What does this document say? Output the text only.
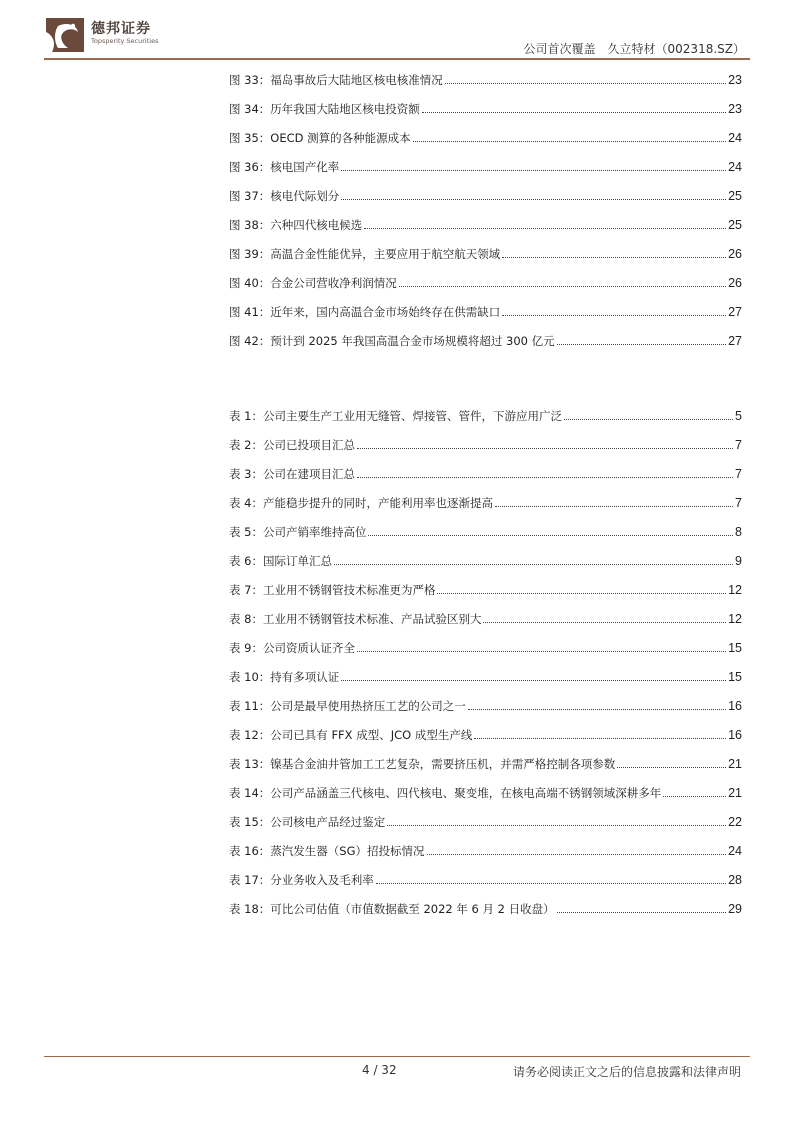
德邦证券
Topsperity Securities
公司首次覆盖　久立特材（002318.SZ）
图 33：福岛事故后大陆地区核电核准情况	23
图 34：历年我国大陆地区核电投资额	23
图 35：OECD 测算的各种能源成本	24
图 36：核电国产化率	24
图 37：核电代际划分	25
图 38：六种四代核电候选	25
图 39：高温合金性能优异，主要应用于航空航天领域	26
图 40：合金公司营收净利润情况	26
图 41：近年来，国内高温合金市场始终存在供需缺口	27
图 42：预计到 2025 年我国高温合金市场规模将超过 300 亿元	27
表 1：公司主要生产工业用无缝管、焊接管、管件，下游应用广泛	5
表 2：公司已投项目汇总	7
表 3：公司在建项目汇总	7
表 4：产能稳步提升的同时，产能利用率也逐渐提高	7
表 5：公司产销率维持高位	8
表 6：国际订单汇总	9
表 7：工业用不锈钢管技术标准更为严格	12
表 8：工业用不锈钢管技术标准、产品试验区别大	12
表 9：公司资质认证齐全	15
表 10：持有多项认证	15
表 11：公司是最早使用热挤压工艺的公司之一	16
表 12：公司已具有 FFX 成型、JCO 成型生产线	16
表 13：镍基合金油井管加工工艺复杂，需要挤压机，并需严格控制各项参数	21
表 14：公司产品涵盖三代核电、四代核电、聚变堆，在核电高端不锈钢领域深耕多年	21
表 15：公司核电产品经过鉴定	22
表 16：蒸汽发生器（SG）招投标情况	24
表 17：分业务收入及毛利率	28
表 18：可比公司估值（市值数据截至 2022 年 6 月 2 日收盘）	29
4 / 32	请务必阅读正文之后的信息披露和法律声明
